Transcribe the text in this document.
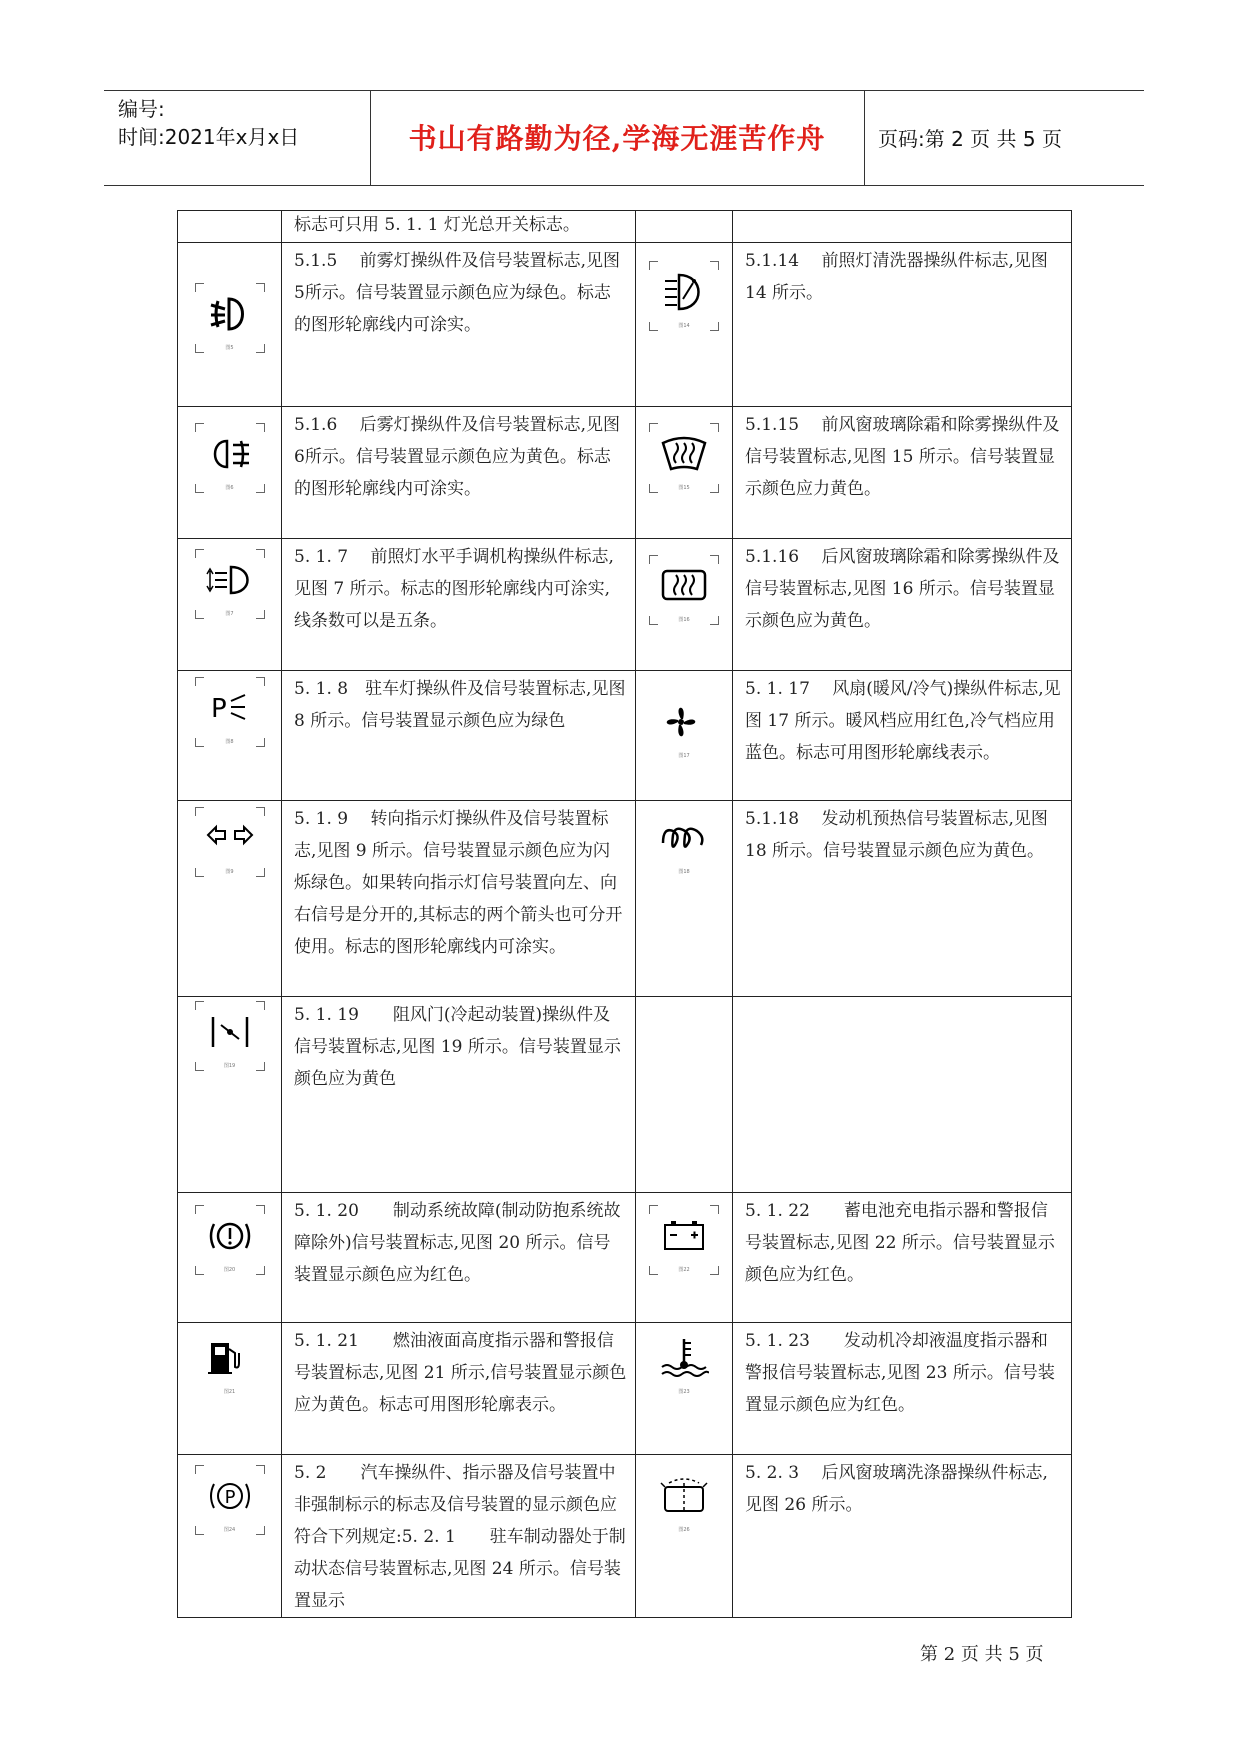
编号:
时间:2021年x月x日	书山有路勤为径,学海无涯苦作舟	页码:第 2 页 共 5 页

	标志可只用 5. 1. 1 灯光总开关标志。		

图5	5.1.5　 前雾灯操纵件及信号装置标志,见图5所示。信号装置显示颜色应为绿色。标志的图形轮廓线内可涂实。	图14	5.1.14　 前照灯清洗器操纵件标志,见图 14 所示。

图6	5.1.6　 后雾灯操纵件及信号装置标志,见图6所示。信号装置显示颜色应为黄色。标志的图形轮廓线内可涂实。	图15	5.1.15　 前风窗玻璃除霜和除雾操纵件及信号装置标志,见图 15 所示。信号装置显示颜色应力黄色。

图7	5. 1. 7　 前照灯水平手调机构操纵件标志,见图 7 所示。标志的图形轮廓线内可涂实,线条数可以是五条。	图16	5.1.16　 后风窗玻璃除霜和除雾操纵件及信号装置标志,见图 16 所示。信号装置显示颜色应为黄色。

P
图8	5. 1. 8　驻车灯操纵件及信号装置标志,见图 8 所示。信号装置显示颜色应为绿色	图17	5. 1. 17　 风扇(暖风/冷气)操纵件标志,见图 17 所示。暖风档应用红色,冷气档应用蓝色。标志可用图形轮廓线表示。

图9	5. 1. 9　 转向指示灯操纵件及信号装置标志,见图 9 所示。信号装置显示颜色应为闪烁绿色。如果转向指示灯信号装置向左、向右信号是分开的,其标志的两个箭头也可分开使用。标志的图形轮廓线内可涂实。	图18	5.1.18　 发动机预热信号装置标志,见图 18 所示。信号装置显示颜色应为黄色。

图19	5. 1. 19　　阻风门(冷起动装置)操纵件及信号装置标志,见图 19 所示。信号装置显示颜色应为黄色		

图20	5. 1. 20　　制动系统故障(制动防抱系统故障除外)信号装置标志,见图 20 所示。信号装置显示颜色应为红色。	图22	5. 1. 22　　蓄电池充电指示器和警报信号装置标志,见图 22 所示。信号装置显示颜色应为红色。

图21	5. 1. 21　　燃油液面高度指示器和警报信号装置标志,见图 21 所示,信号装置显示颜色应为黄色。标志可用图形轮廓表示。	图23	5. 1. 23　　发动机冷却液温度指示器和警报信号装置标志,见图 23 所示。信号装置显示颜色应为红色。

P
图24	5. 2　　汽车操纵件、指示器及信号装置中非强制标示的标志及信号装置的显示颜色应符合下列规定:5. 2. 1　　驻车制动器处于制动状态信号装置标志,见图 24 所示。信号装置显示	图26	5. 2. 3　 后风窗玻璃洗涤器操纵件标志,见图 26 所示。
第 2 页 共 5 页
